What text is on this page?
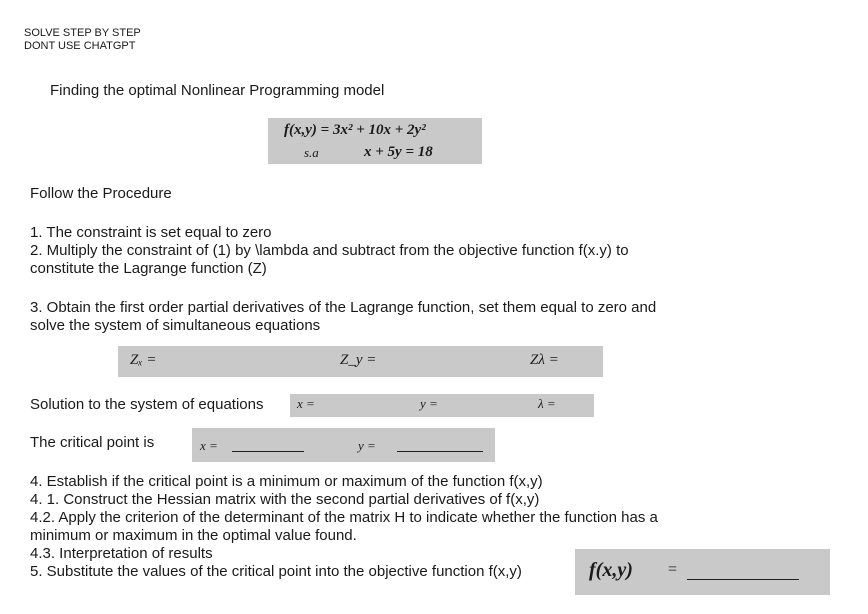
SOLVE STEP BY STEP
DONT USE CHATGPT
Finding the optimal Nonlinear Programming model
f(x,y) = 3x² + 10x + 2y²
s.a	x + 5y = 18
Follow the Procedure
1. The constraint is set equal to zero
2. Multiply the constraint of (1) by \lambda and subtract from the objective function f(x.y) to
constitute the Lagrange function (Z)
3. Obtain the first order partial derivatives of the Lagrange function, set them equal to zero and
solve the system of simultaneous equations
Zₓ =	Z_y =	Zλ =
Solution to the system of equations	x =	y =	λ =
The critical point is	x =	y =
4. Establish if the critical point is a minimum or maximum of the function f(x,y)
4. 1. Construct the Hessian matrix with the second partial derivatives of f(x,y)
4.2. Apply the criterion of the determinant of the matrix H to indicate whether the function has a
minimum or maximum in the optimal value found.
4.3. Interpretation of results
5. Substitute the values of the critical point into the objective function f(x,y)	f(x,y) =
